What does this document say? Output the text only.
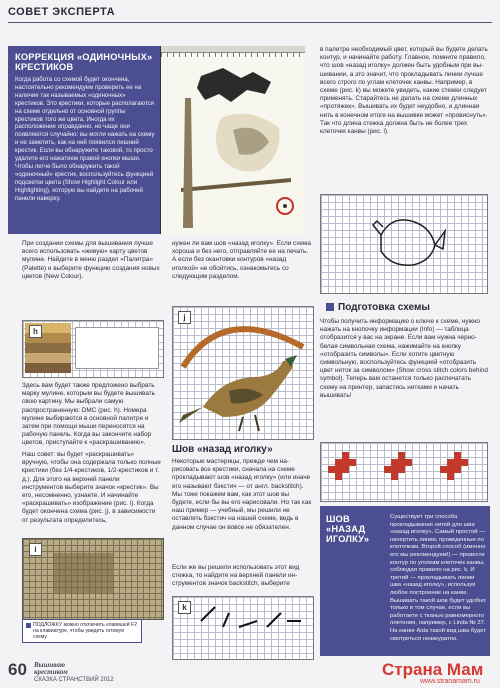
СОВЕТ ЭКСПЕРТА
КОРРЕКЦИЯ «ОДИНОЧНЫХ» КРЕСТИКОВ
Когда работа со схемой будет окончена, настоятельно рекомендуем проверить ее на наличие так называемых «одиночных» крестиков. Это крестики, которые располагаются на схеме отдельно от основной группы крестиков того же цвета. Иногда их расположение оправданно, но чаще они появляются случайно: вы могли нажать на схему и не заметить, как на ней появился лишний крестик. Если вы обнаружите таковой, то просто удалите его нажатием правой кнопки мыши. Чтобы легче было обнаружить такой «одиночный» крестик, воспользуйтесь функцией подсветки цвета (Show Highlight Colour или Highlighting), которую вы найдете на рабочей панели наверху.
При создании схемы для вышивания лучше всего использовать «живую» карту цветов мулине. Найдите в меню раздел «Палитра» (Palette) и выберите функцию создания новых цветов (New Colour).
h
Здесь вам будет также предложено выбрать марку мулине, которым вы будете вышивать свою картину. Мы выбрали самую распространенную: DMC (рис. h). Номера мулине выбираются в основной палитре и затем при помощи мыши переносятся на рабочую панель. Когда вы закончите набор цветов, приступайте к «раскрашиванию».
Наш совет: вы будет «раскрашивать» вручную, чтобы она содержала только полные крестики (без 1/4-крестиков, 1/2-крестиков и т. д.). Для этого на верхней панели инструментов выберите значок «крестик». Вы его, несомненно, узнаете. И начинайте «раскрашивать» изображение (рис. i). Когда будет окончена схема (рис. j), в зависимости от результата определитесь,
i
ПОДЛОЖКУ можно отключить клавишей F2 на клавиатуре, чтобы увидеть готовую схему
нужен ли вам шов «назад иголку». Если схема хороша и без него, отправляйте ее на печать. А если без окантовки контуров «назад иголкой» не обойтись, ознакомьтесь со следующим разделом.
j
Шов «назад иголку»
Некоторые мастерицы, прежде чем нарисовать все крестики, сначала на схеме прокладывают шов «назад иголку» (или иначе его называют бэкстич — от англ. backstitch). Мы тоже покажем вам, как этот шов вы будете, если бы вы его нарисовали. Но так как наш пример — учебный, мы решили не оставлять бэкстич на нашей схеме, ведь в данном случае он вовсе не обязателен.
Если же вы решили использовать этот вид стежка, то найдите на верхней панели инструментов значок backstitch, выберите
k
в палитре необходимый цвет, который вы будете делать контур, и начинайте работу. Главное, помните правило, что шов «назад иголку» должен быть удобным при вышивании, а это значит, что прокладывать линии лучше всего строго по углам клеточек канвы. Например, в схеме (рис. k) вы можете увидеть, какие стежки следует применять. Старайтесь не делать на схеме длинных «протяжек». Вышивать их будет неудобно, и длинная нить в конечном итоге на вышивке может «провиснуть». Так что длина стежка должна быть не более трех клеточек канвы (рис. l).
Подготовка схемы
Чтобы получить информацию о ключе к схеме, нужно нажать на кнопочку информации (Info) — таблица отобразится у вас на экране. Если вам нужна черно-белая символьная схема, нажимайте на кнопку «отобразить символы». Если хотите цветную символьную, воспользуйтесь функцией «отобразить цвет ниток за символом» (Show cross stitch colors behind symbol). Теперь вам останется только распечатать схему на принтер, запастись нитками и начать вышивать!
ШОВ «НАЗАД ИГОЛКУ»
Существует три способа прокладывания нитей для шва «назад иголку». Самый простой — начертить линии, проведенные по клеточкам. Второй способ (именно его мы рекомендуем!) — провести контур по уголкам клеточек канвы, соблюдая правило на рис. k. И третий — прокладывать линии шва «назад иголку», используя любое построение на канве. Вышивать такой шов будет удобно только в том случае, если вы работаете с тканью равномерного плетения, например, с Linda № 27. На канве Aida такой вид шва будет смотреться неаккуратно.
60 Вышиваю
крестиком
СКАЗКА СТРАНСТВИЙ 2012
Страна Мам
www.stranamam.ru
